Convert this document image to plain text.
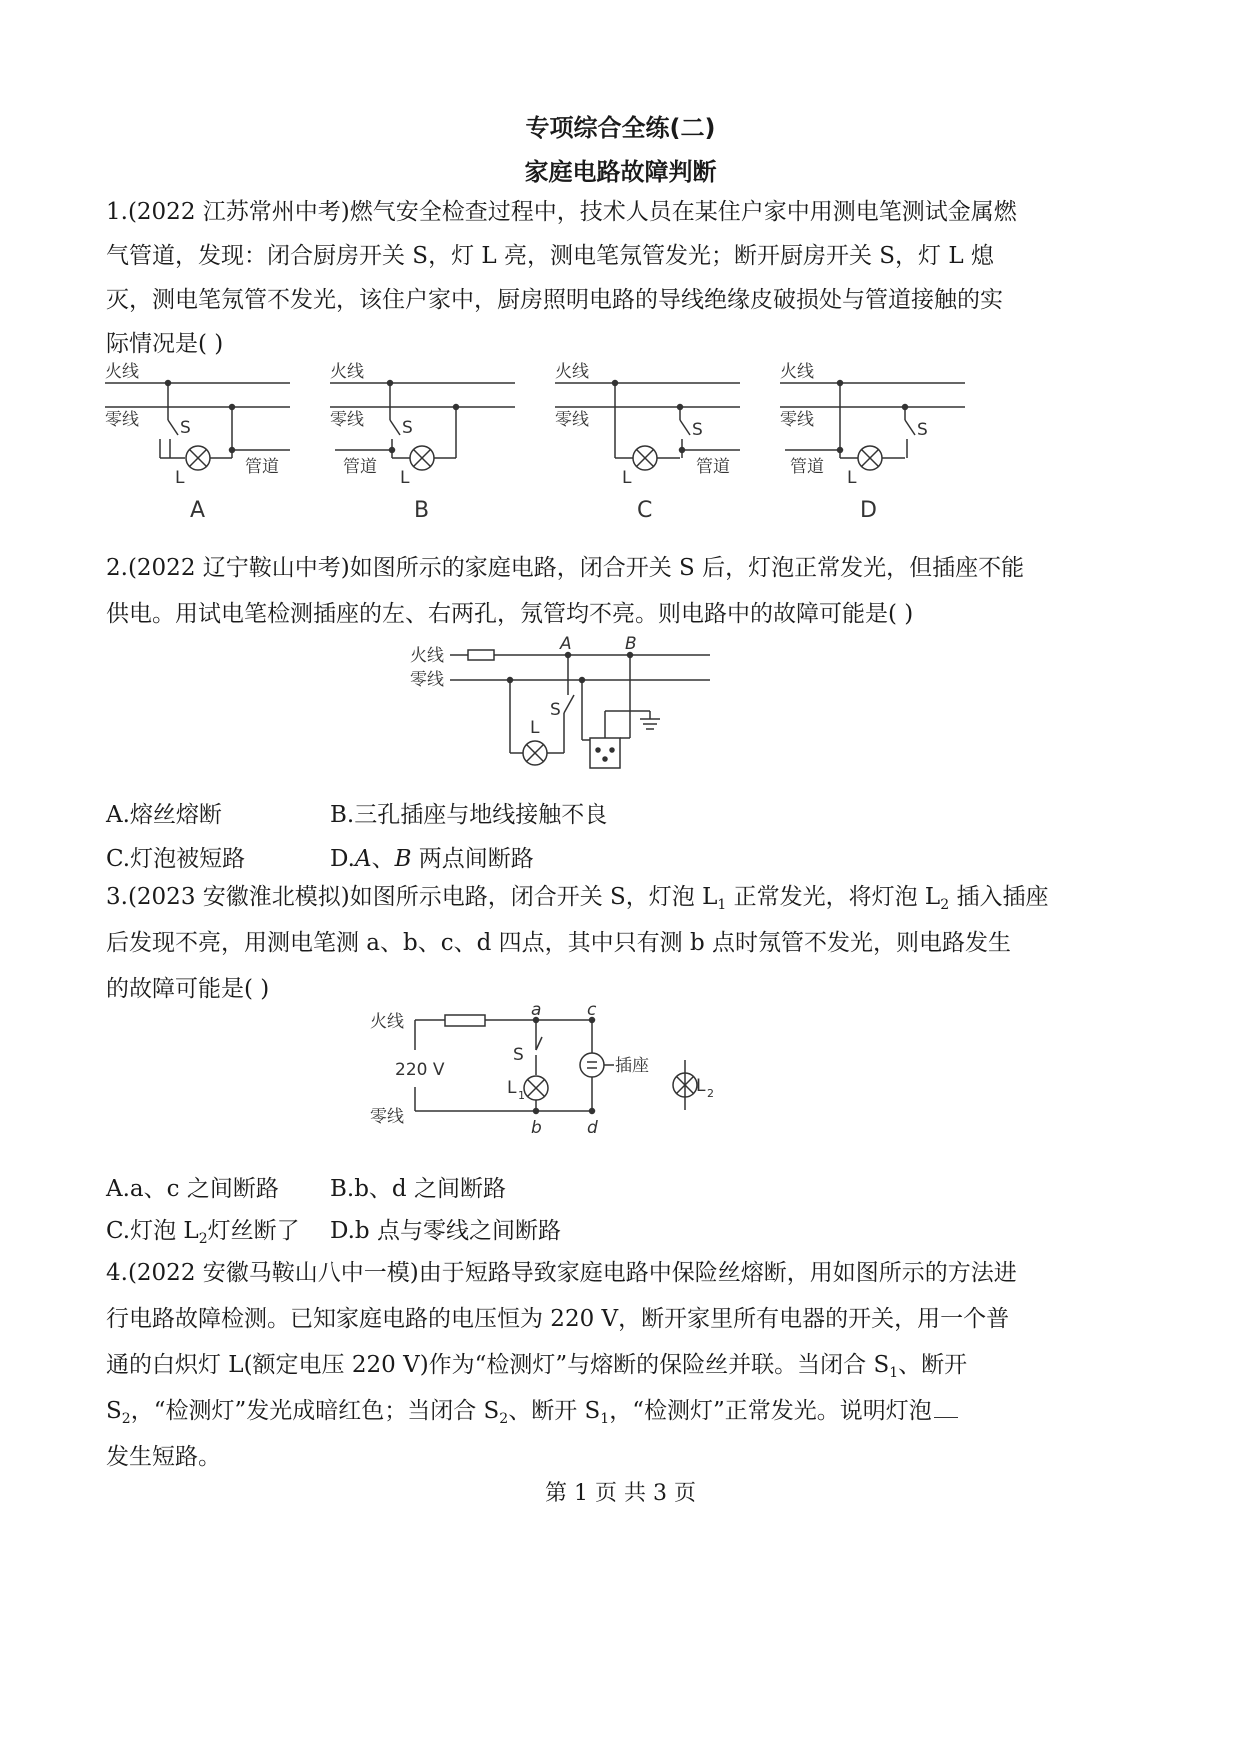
专项综合全练(二)
家庭电路故障判断
1.(2022 江苏常州中考)燃气安全检查过程中，技术人员在某住户家中用测电笔测试金属燃
气管道，发现：闭合厨房开关 S，灯 L 亮，测电笔氖管发光；断开厨房开关 S，灯 L 熄
灭，测电笔氖管不发光，该住户家中，厨房照明电路的导线绝缘皮破损处与管道接触的实
际情况是( )
火线
零线 S
L
管道
A
火线
零线 S
L
管道
B
火线
零线	S
L
管道
C
火线
零线	S
L
管道
D
2.(2022 辽宁鞍山中考)如图所示的家庭电路，闭合开关 S 后，灯泡正常发光，但插座不能
供电。用试电笔检测插座的左、右两孔，氖管均不亮。则电路中的故障可能是( )
火线
零线
A	B
S
L
A.熔丝熔断	B.三孔插座与地线接触不良
C.灯泡被短路	D.A、B 两点间断路
3.(2023 安徽淮北模拟)如图所示电路，闭合开关 S，灯泡 $L_1$ 正常发光，将灯泡 $L_2$ 插入插座
后发现不亮，用测电笔测 a、b、c、d 四点，其中只有测 b 点时氖管不发光，则电路发生
的故障可能是( )
火线
零线
220 V
a	c
b	d
S
L 1
插座
L 2
A.a、c 之间断路 B.b、d 之间断路
C.灯泡 $L_2$灯丝断了 D.b 点与零线之间断路
4.(2022 安徽马鞍山八中一模)由于短路导致家庭电路中保险丝熔断，用如图所示的方法进
行电路故障检测。已知家庭电路的电压恒为 220 V，断开家里所有电器的开关，用一个普
通的白炽灯 L(额定电压 220 V)作为“检测灯”与熔断的保险丝并联。当闭合 $S_1$、断开
$S_2$，“检测灯”发光成暗红色；当闭合 $S_2$、断开 $S_1$，“检测灯”正常发光。说明灯泡
发生短路。
第 1 页 共 3 页
